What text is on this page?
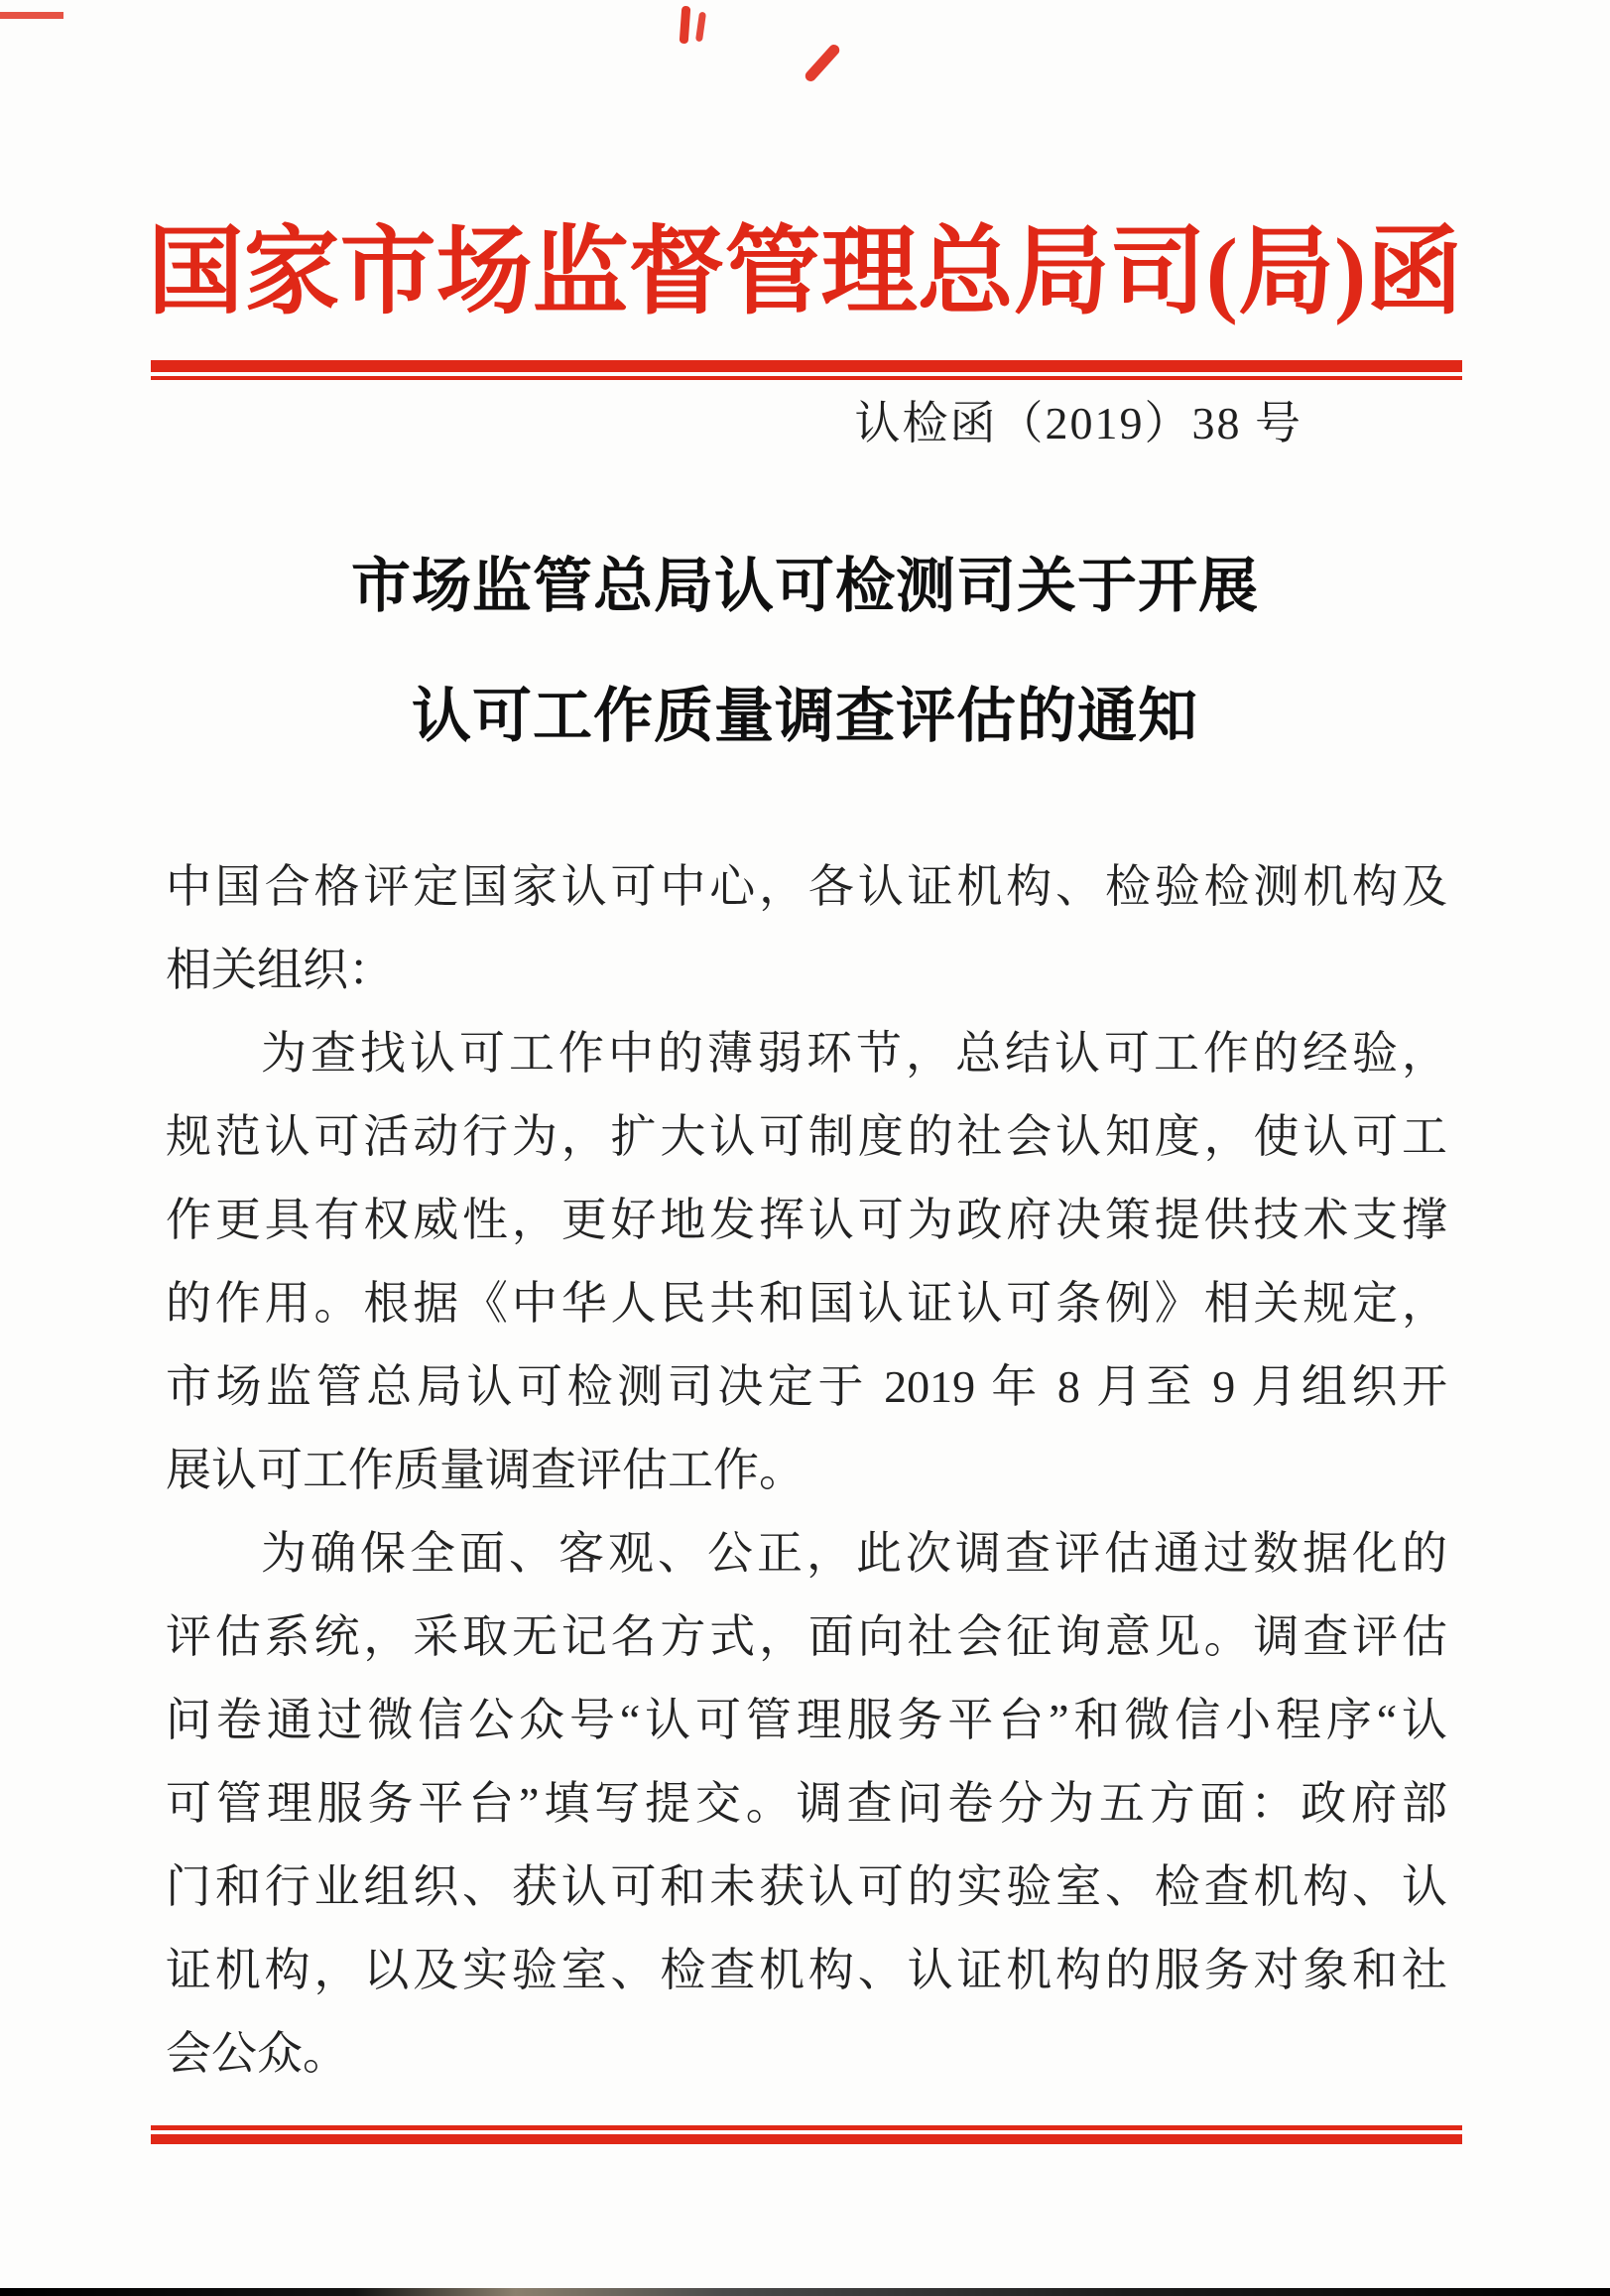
国家市场监督管理总局司(局)函
认检函（2019）38 号
市场监管总局认可检测司关于开展
认可工作质量调查评估的通知
中国合格评定国家认可中心，各认证机构、检验检测机构及
相关组织：
为查找认可工作中的薄弱环节，总结认可工作的经验，
规范认可活动行为，扩大认可制度的社会认知度，使认可工
作更具有权威性，更好地发挥认可为政府决策提供技术支撑
的作用。根据《中华人民共和国认证认可条例》相关规定，
市场监管总局认可检测司决定于 2019 年 8 月至 9 月组织开
展认可工作质量调查评估工作。
为确保全面、客观、公正，此次调查评估通过数据化的
评估系统，采取无记名方式，面向社会征询意见。调查评估
问卷通过微信公众号“认可管理服务平台”和微信小程序“认
可管理服务平台”填写提交。调查问卷分为五方面：政府部
门和行业组织、获认可和未获认可的实验室、检查机构、认
证机构，以及实验室、检查机构、认证机构的服务对象和社
会公众。
